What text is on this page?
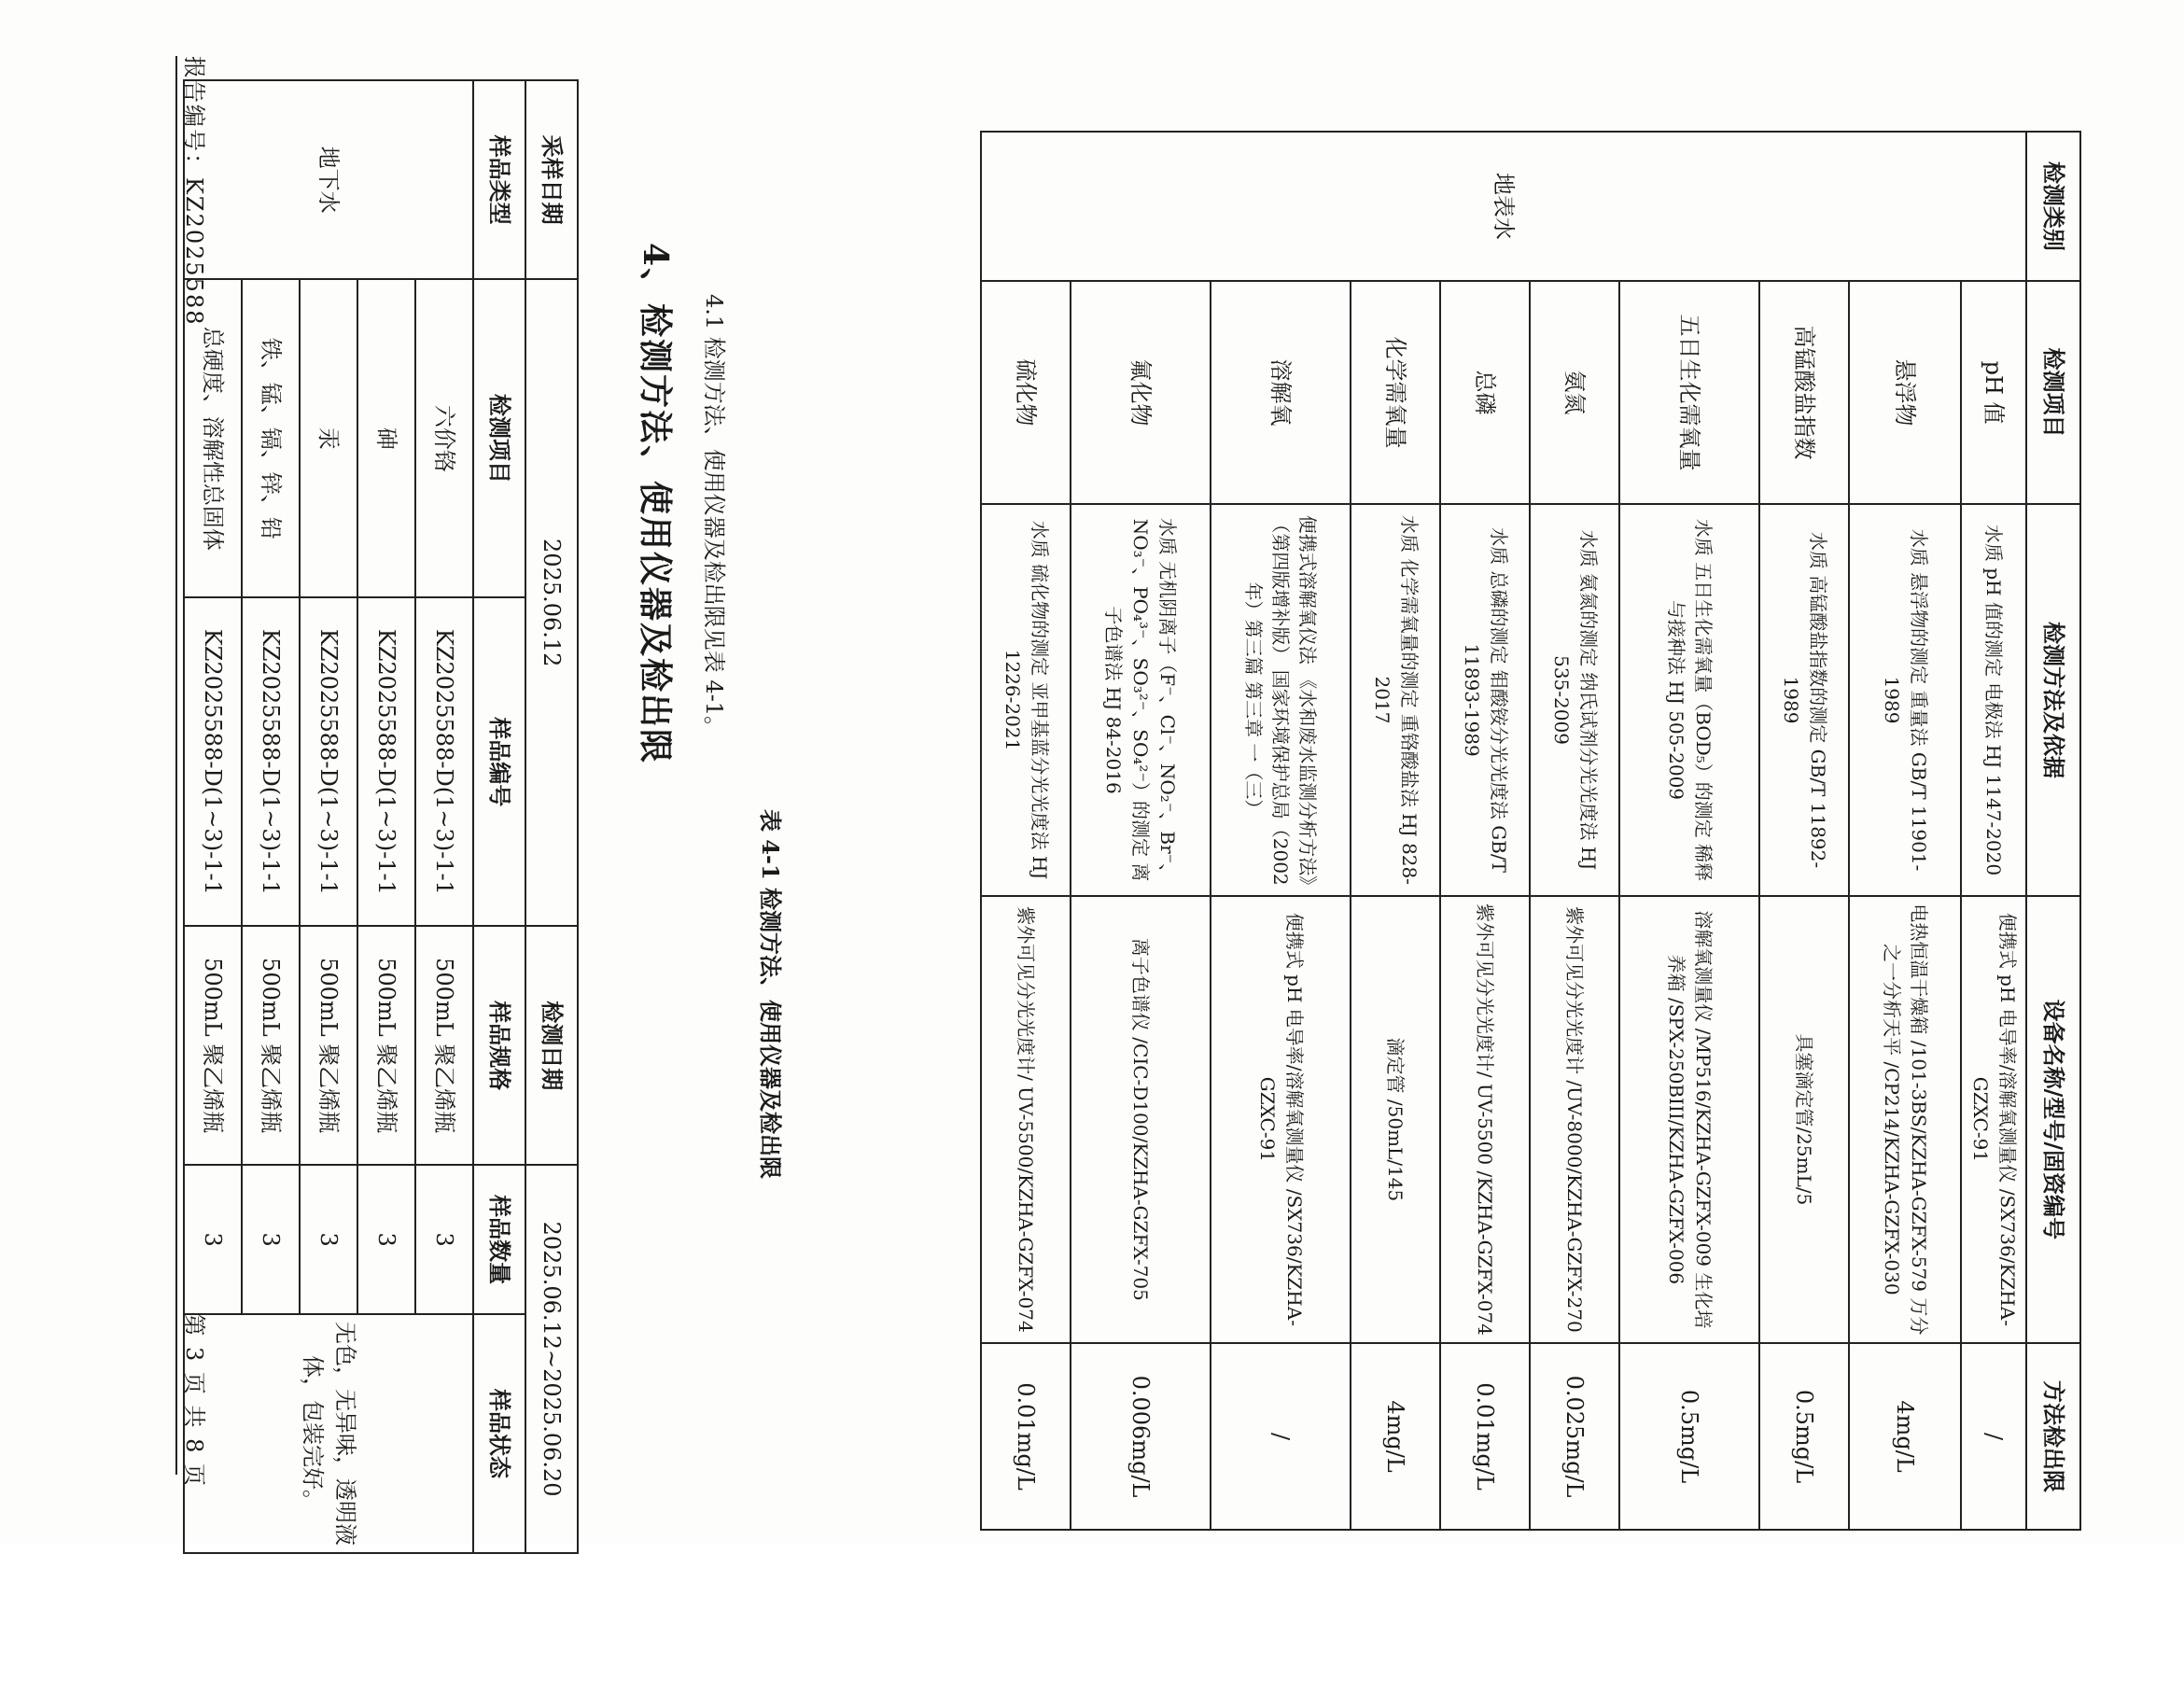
报告编号：KZ2025588
第 3 页 共 8 页
采样日期	2025.06.12		检测日期	2025.06.12~2025.06.20	
样品类型	检测项目	样品编号	样品规格	样品数量	样品状态
地下水	六价铬	KZ2025588-D(1~3)-1-1	500mL 聚乙烯瓶	3	无色，无异味，透明液体，包装完好。
	砷	KZ2025588-D(1~3)-1-1	500mL 聚乙烯瓶	3	
	汞	KZ2025588-D(1~3)-1-1	500mL 聚乙烯瓶	3	
	铁、锰、镉、锌、铅	KZ2025588-D(1~3)-1-1	500mL 聚乙烯瓶	3	
	总硬度、溶解性总固体	KZ2025588-D(1~3)-1-1	500mL 聚乙烯瓶	3	
4、检测方法、使用仪器及检出限 4.1 检测方法、使用仪器及检出限见表 4-1。
表 4-1 检测方法、使用仪器及检出限
检测类别	检测项目	检测方法及依据	设备名称/型号/固资编号	方法检出限
地表水	pH 值	水质 pH 值的测定 电极法 HJ 1147-2020	便携式 pH 电导率/溶解氧测量仪 /SX736/KZHA-GZXC-91	/
	悬浮物	水质 悬浮物的测定 重量法 GB/T 11901-1989	电热恒温干燥箱 /101-3BS/KZHA-GZFX-579 万分之一分析天平 /CP214/KZHA-GZFX-030	4mg/L
	高锰酸盐指数	水质 高锰酸盐指数的测定 GB/T 11892-1989	具塞滴定管/25mL/5	0.5mg/L
	五日生化需氧量	水质 五日生化需氧量（BOD₅）的测定 稀释与接种法 HJ 505-2009	溶解氧测量仪 /MP516/KZHA-GZFX-009 生化培养箱 /SPX-250BIII/KZHA-GZFX-006	0.5mg/L
	氨氮	水质 氨氮的测定 纳氏试剂分光光度法 HJ 535-2009	紫外可见分光光度计 /UV-8000/KZHA-GZFX-270	0.025mg/L
	总磷	水质 总磷的测定 钼酸铵分光光度法 GB/T 11893-1989	紫外可见分光光度计/ UV-5500 /KZHA-GZFX-074	0.01mg/L
	化学需氧量	水质 化学需氧量的测定 重铬酸盐法 HJ 828-2017	滴定管 /50mL/145	4mg/L
	溶解氧	便携式溶解氧仪法 《水和废水监测分析方法》（第四版增补版） 国家环境保护总局（2002 年）第三篇 第三章 一（三）	便携式 pH 电导率/溶解氧测量仪 /SX736/KZHA-GZXC-91	/
	氟化物	水质 无机阴离子（F⁻、Cl⁻、NO₂⁻、Br⁻、NO₃⁻、PO₄³⁻、SO₃²⁻、SO₄²⁻）的测定 离子色谱法 HJ 84-2016	离子色谱仪 /CIC-D100/KZHA-GZFX-705	0.006mg/L
	硫化物	水质 硫化物的测定 亚甲基蓝分光光度法 HJ 1226-2021	紫外可见分光光度计/ UV-5500/KZHA-GZFX-074	0.01mg/L
